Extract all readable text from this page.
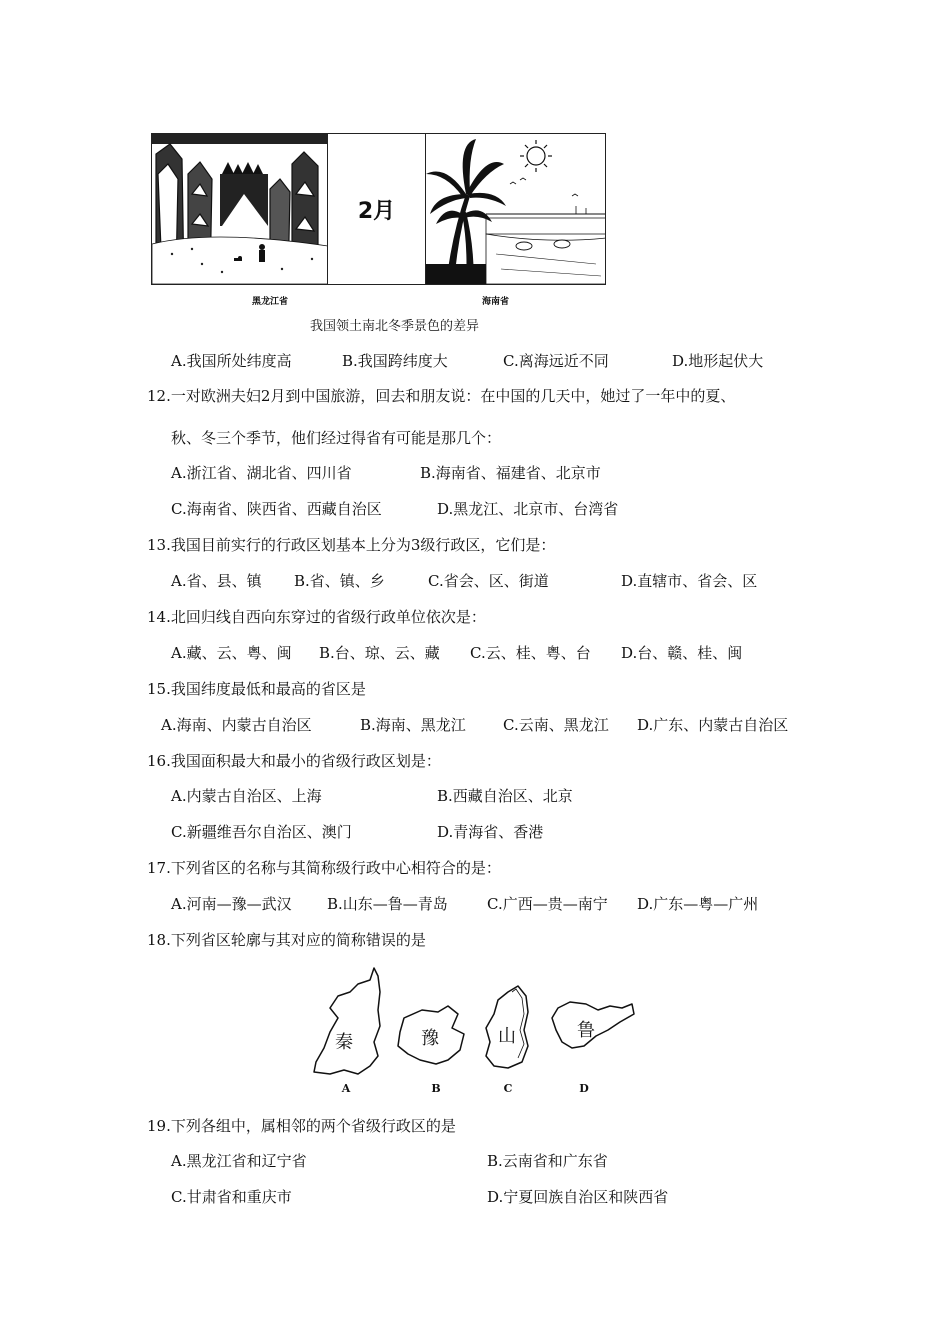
2月
黑龙江省	海南省
我国领土南北冬季景色的差异
A.我国所处纬度高	B.我国跨纬度大	C.离海远近不同	D.地形起伏大
12.一对欧洲夫妇2月到中国旅游，回去和朋友说：在中国的几天中，她过了一年中的夏、
秋、冬三个季节，他们经过得省有可能是那几个：
A.浙江省、湖北省、四川省	B.海南省、福建省、北京市
C.海南省、陕西省、西藏自治区	D.黑龙江、北京市、台湾省
13.我国目前实行的行政区划基本上分为3级行政区，它们是：
A.省、县、镇 B.省、镇、乡	C.省会、区、街道	D.直辖市、省会、区
14.北回归线自西向东穿过的省级行政单位依次是：
A.藏、云、粤、闽 B.台、琼、云、藏 C.云、桂、粤、台 D.台、赣、桂、闽
15.我国纬度最低和最高的省区是
A.海南、内蒙古自治区	B.海南、黑龙江 C.云南、黑龙江 D.广东、内蒙古自治区
16.我国面积最大和最小的省级行政区划是：
A.内蒙古自治区、上海	B.西藏自治区、北京
C.新疆维吾尔自治区、澳门	D.青海省、香港
17.下列省区的名称与其简称级行政中心相符合的是：
A.河南—豫—武汉 B.山东—鲁—青岛	C.广西—贵—南宁 D.广东—粤—广州
18.下列省区轮廓与其对应的简称错误的是
秦	豫	山	鲁
A	B	C	D
19.下列各组中，属相邻的两个省级行政区的是
A.黑龙江省和辽宁省	B.云南省和广东省
C.甘肃省和重庆市	D.宁夏回族自治区和陕西省
